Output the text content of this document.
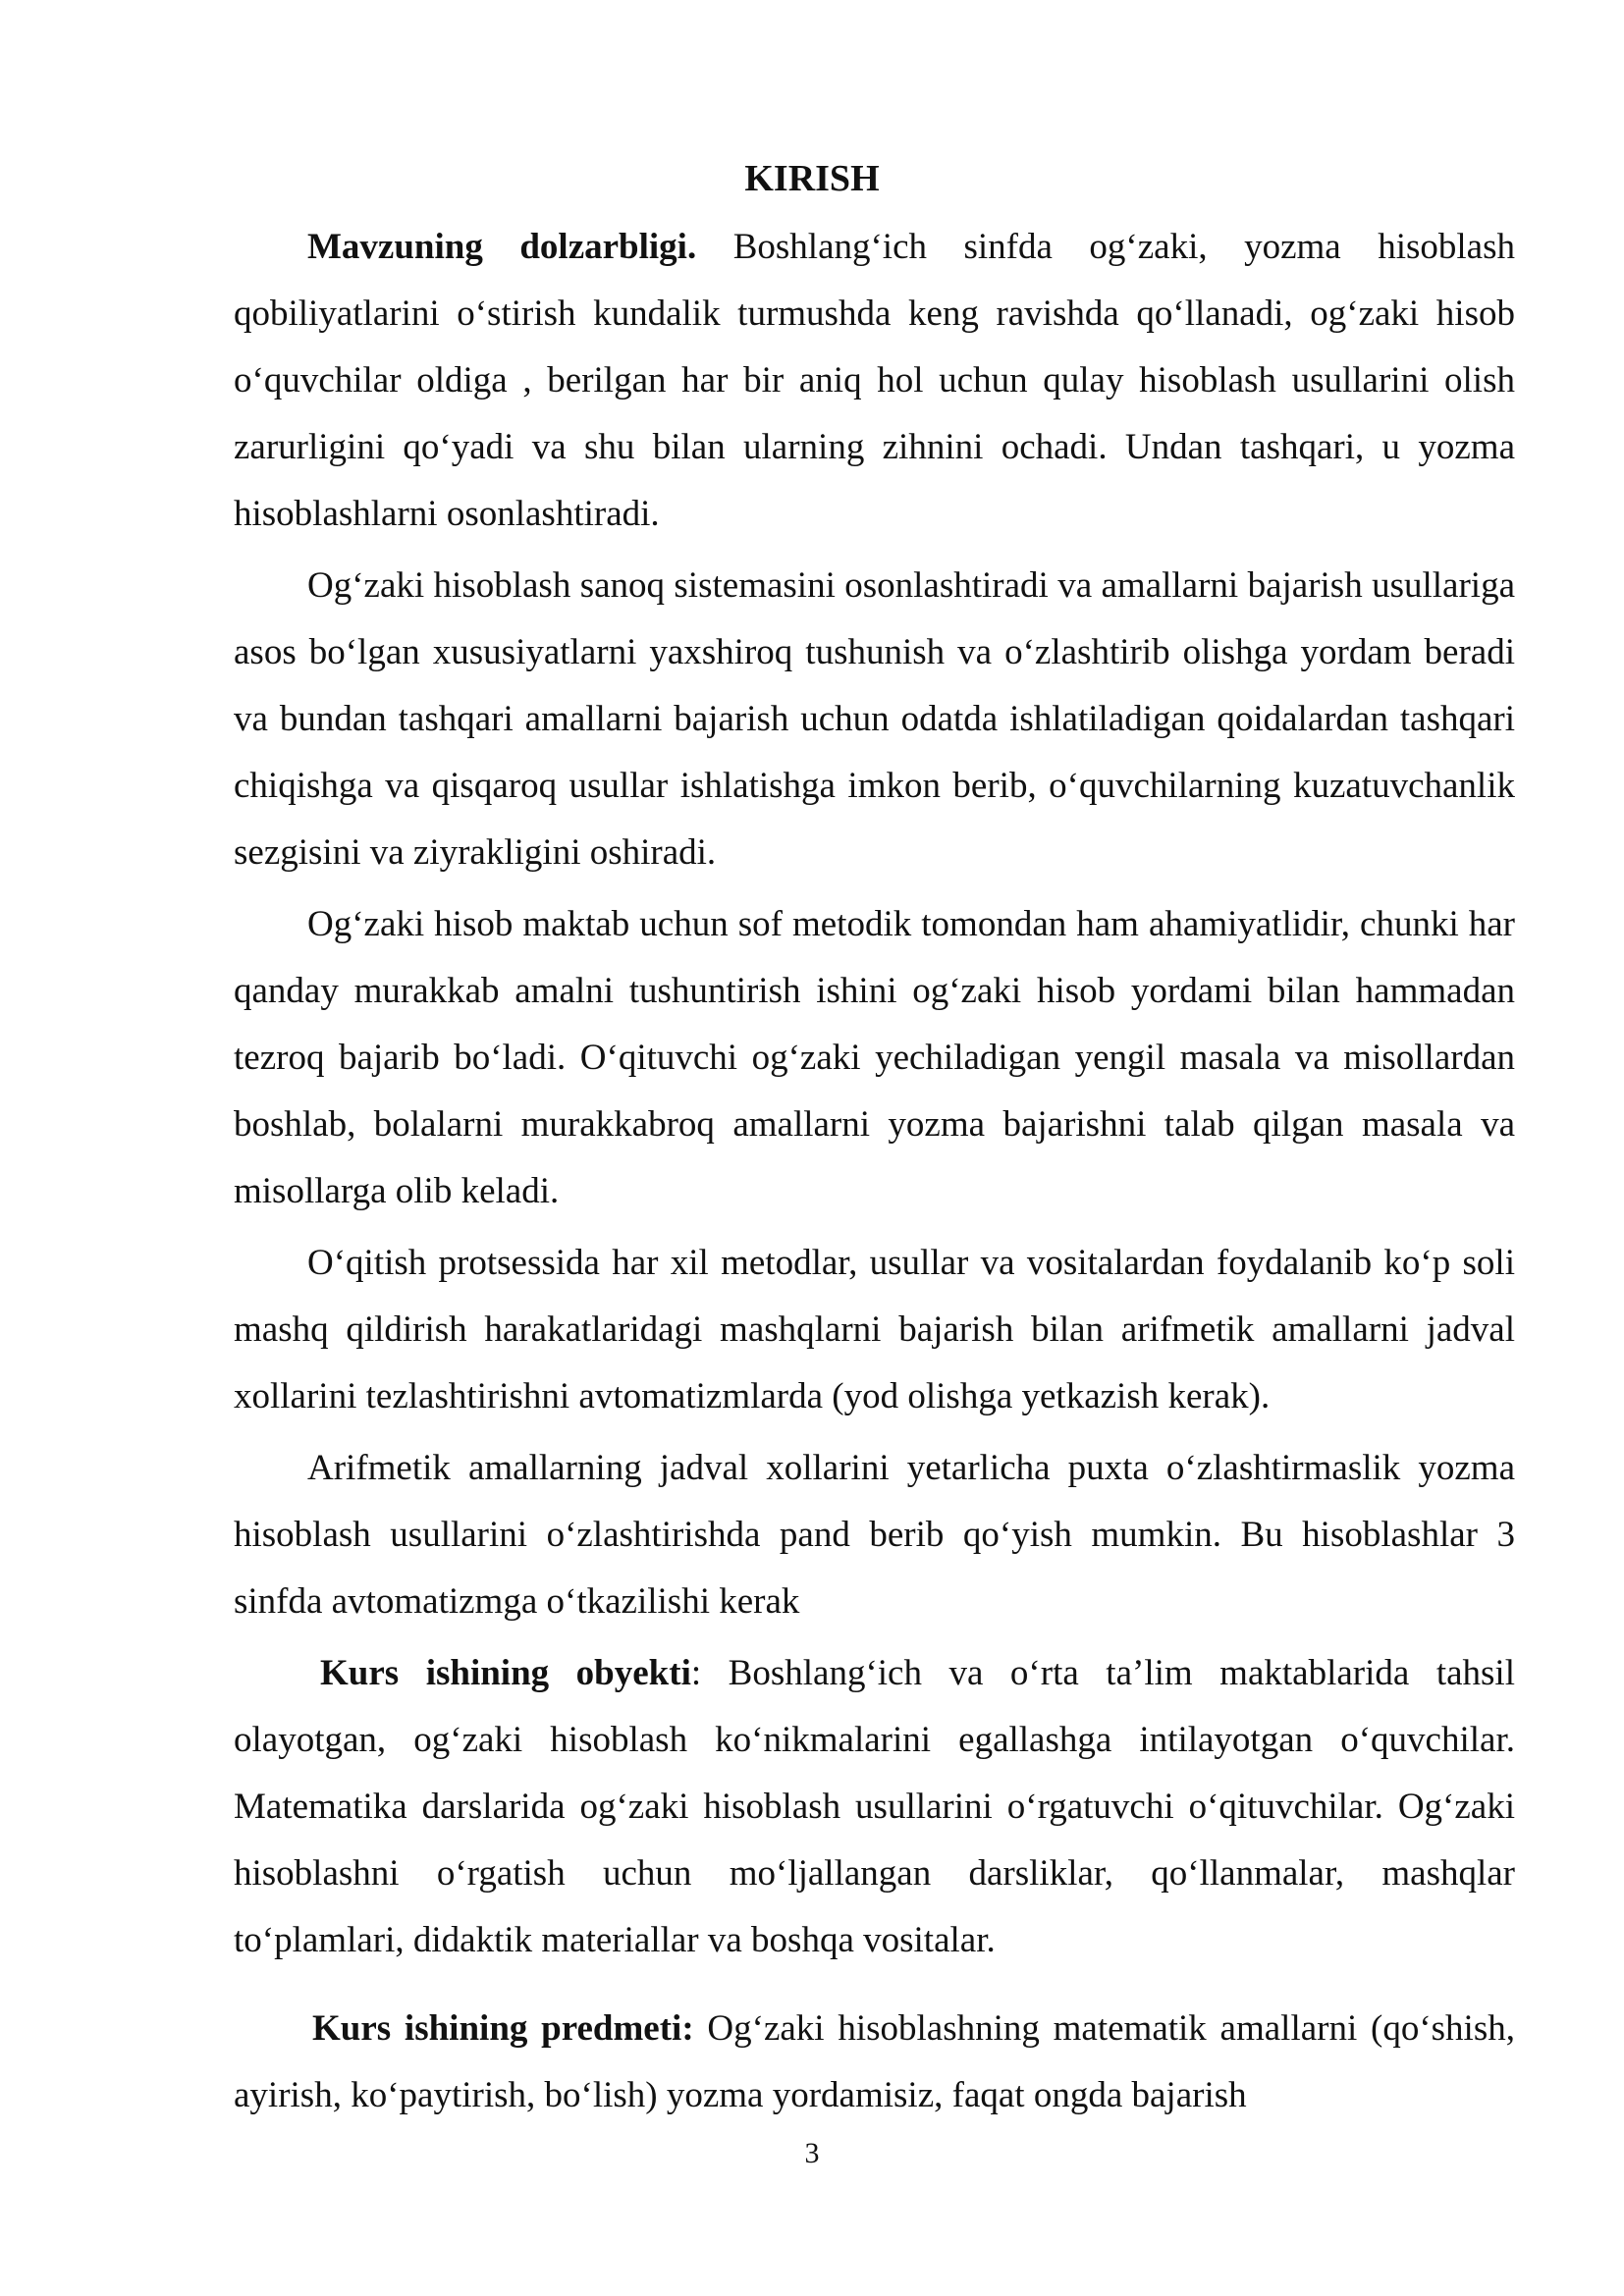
KIRISH

Mavzuning dolzarbligi. Boshlang‘ich sinfda og‘zaki, yozma hisoblash qobiliyatlarini o‘stirish kundalik turmushda keng ravishda qo‘llanadi, og‘zaki hisob o‘quvchilar oldiga , berilgan har bir aniq hol uchun qulay hisoblash usullarini olish zarurligini qo‘yadi va shu bilan ularning zihnini ochadi. Undan tashqari, u yozma hisoblashlarni osonlashtiradi.

Og‘zaki hisoblash sanoq sistemasini osonlashtiradi va amallarni bajarish usullariga asos bo‘lgan xususiyatlarni yaxshiroq tushunish va o‘zlashtirib olishga yordam beradi va bundan tashqari amallarni bajarish uchun odatda ishlatiladigan qoidalardan tashqari chiqishga va qisqaroq usullar ishlatishga imkon berib, o‘quvchilarning kuzatuvchanlik sezgisini va ziyrakligini oshiradi.

Og‘zaki hisob maktab uchun sof metodik tomondan ham ahamiyatlidir, chunki har qanday murakkab amalni tushuntirish ishini og‘zaki hisob yordami bilan hammadan tezroq bajarib bo‘ladi. O‘qituvchi og‘zaki yechiladigan yengil masala va misollardan boshlab, bolalarni murakkabroq amallarni yozma bajarishni talab qilgan masala va misollarga olib keladi.

O‘qitish protsessida har xil metodlar, usullar va vositalardan foydalanib ko‘p soli mashq qildirish harakatlaridagi mashqlarni bajarish bilan arifmetik amallarni jadval xollarini tezlashtirishni avtomatizmlarda (yod olishga yetkazish kerak).

Arifmetik amallarning jadval xollarini yetarlicha puxta o‘zlashtirmaslik yozma hisoblash usullarini o‘zlashtirishda pand berib qo‘yish mumkin. Bu hisoblashlar 3 sinfda avtomatizmga o‘tkazilishi kerak

Kurs ishining obyekti: Boshlang‘ich va o‘rta ta’lim maktablarida tahsil olayotgan, og‘zaki hisoblash ko‘nikmalarini egallashga intilayotgan o‘quvchilar. Matematika darslarida og‘zaki hisoblash usullarini o‘rgatuvchi o‘qituvchilar. Og‘zaki hisoblashni o‘rgatish uchun mo‘ljallangan darsliklar, qo‘llanmalar, mashqlar to‘plamlari, didaktik materiallar va boshqa vositalar.

Kurs ishining predmeti: Og‘zaki hisoblashning matematik amallarni (qo‘shish, ayirish, ko‘paytirish, bo‘lish) yozma yordamisiz, faqat ongda bajarish

3
